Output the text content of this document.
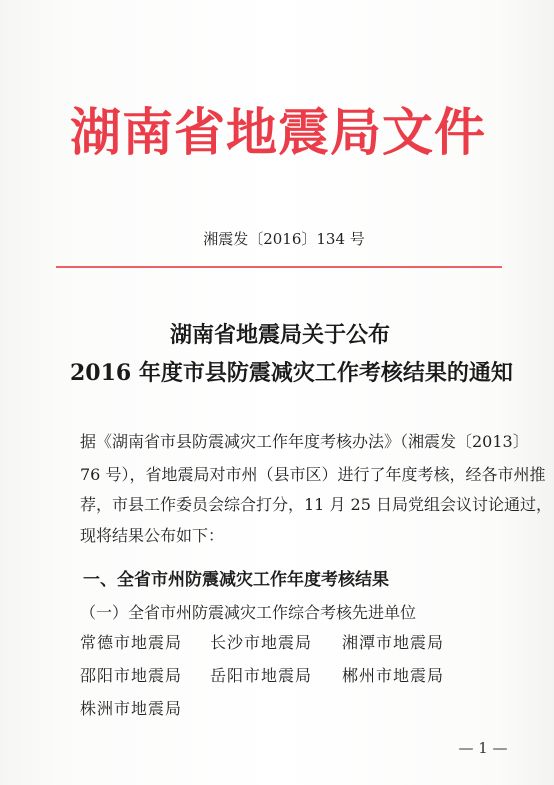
湖南省地震局文件
湘震发〔2016〕134 号
湖南省地震局关于公布
2016 年度市县防震减灾工作考核结果的通知
据《湖南省市县防震减灾工作年度考核办法》（湘震发〔2013〕
76 号），省地震局对市州（县市区）进行了年度考核，经各市州推
荐，市县工作委员会综合打分，11 月 25 日局党组会议讨论通过，
现将结果公布如下：
一、全省市州防震减灾工作年度考核结果
（一）全省市州防震减灾工作综合考核先进单位
常德市地震局 长沙市地震局 湘潭市地震局
邵阳市地震局 岳阳市地震局 郴州市地震局
株洲市地震局
— 1 —
